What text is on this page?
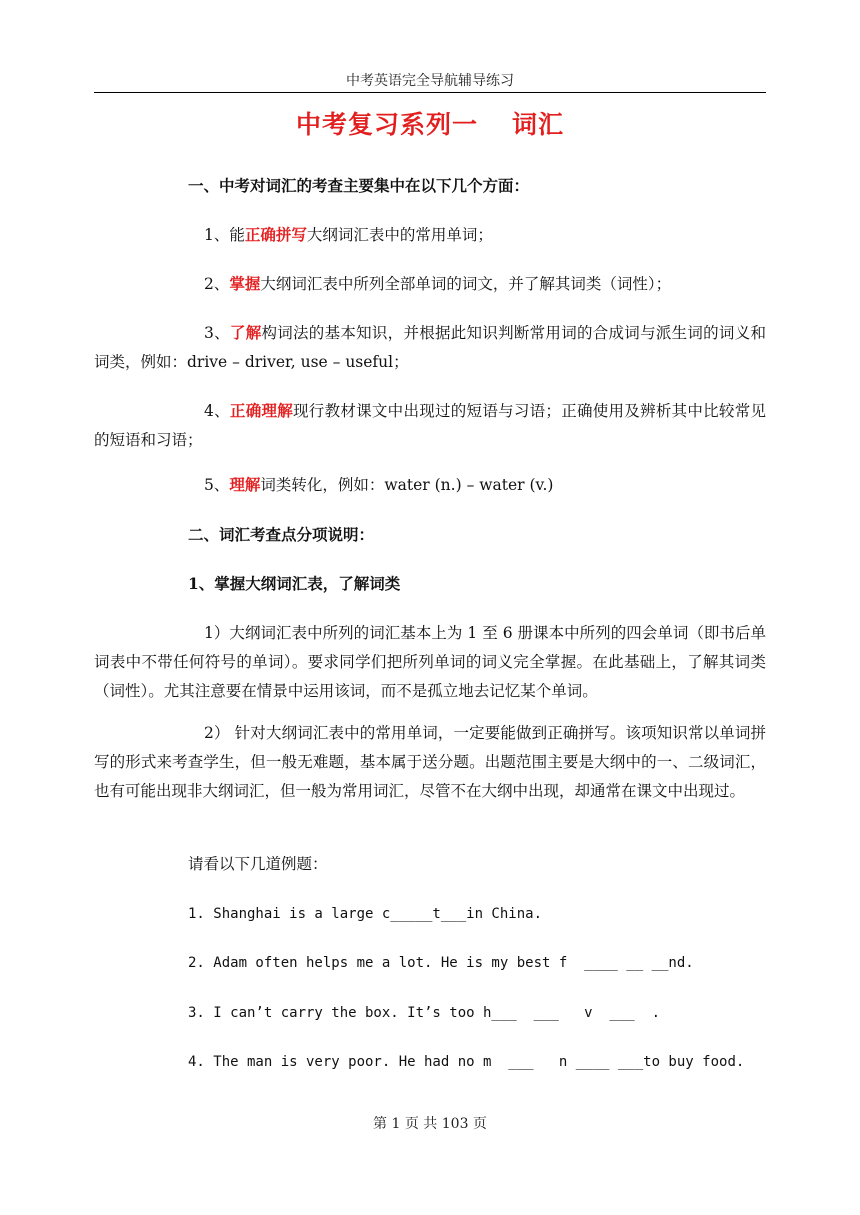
中考英语完全导航辅导练习
中考复习系列一 词汇
一、中考对词汇的考查主要集中在以下几个方面：
1、能正确拼写大纲词汇表中的常用单词；
2、掌握大纲词汇表中所列全部单词的词文，并了解其词类（词性）；
3、了解构词法的基本知识，并根据此知识判断常用词的合成词与派生词的词义和词类，例如：drive – driver, use – useful；
4、正确理解现行教材课文中出现过的短语与习语；正确使用及辨析其中比较常见的短语和习语；
5、理解词类转化，例如：water (n.) – water (v.)
二、词汇考查点分项说明：
1、掌握大纲词汇表，了解词类
1）大纲词汇表中所列的词汇基本上为 1 至 6 册课本中所列的四会单词（即书后单词表中不带任何符号的单词）。要求同学们把所列单词的词义完全掌握。在此基础上，了解其词类（词性）。尤其注意要在情景中运用该词，而不是孤立地去记忆某个单词。
2） 针对大纲词汇表中的常用单词，一定要能做到正确拼写。该项知识常以单词拼写的形式来考查学生，但一般无难题，基本属于送分题。出题范围主要是大纲中的一、二级词汇，也有可能出现非大纲词汇，但一般为常用词汇，尽管不在大纲中出现，却通常在课文中出现过。
请看以下几道例题：
1. Shanghai is a large c_____t___in China.
2. Adam often helps me a lot. He is my best f  ____ __ __nd.
3. I can’t carry the box. It’s too h___  ___   v  ___  .
4. The man is very poor. He had no m  ___   n ____ ___to buy food.
第 1 页 共 103 页
